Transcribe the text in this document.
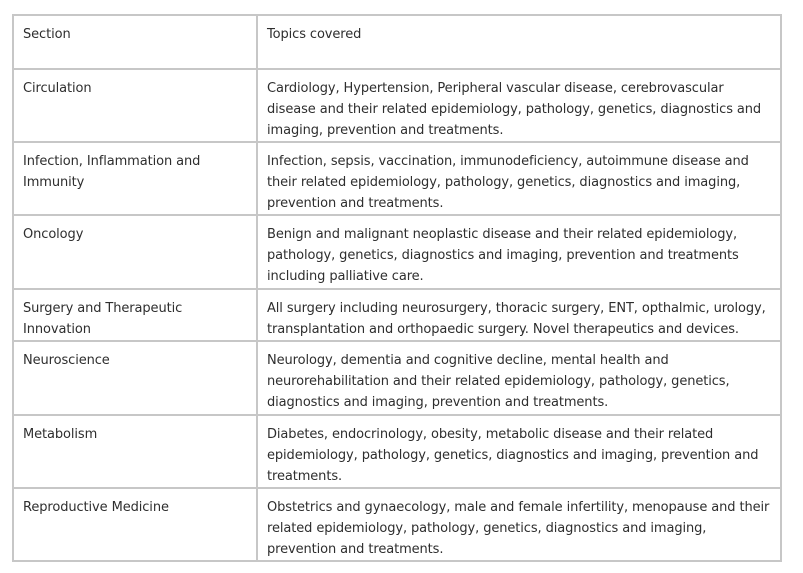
Section	Topics covered
Circulation	Cardiology, Hypertension, Peripheral vascular disease, cerebrovascular disease and their related epidemiology, pathology, genetics, diagnostics and imaging, prevention and treatments.
Infection, Inflammation and Immunity	Infection, sepsis, vaccination, immunodeficiency, autoimmune disease and their related epidemiology, pathology, genetics, diagnostics and imaging, prevention and treatments.
Oncology	Benign and malignant neoplastic disease and their related epidemiology, pathology, genetics, diagnostics and imaging, prevention and treatments including palliative care.
Surgery and Therapeutic Innovation	All surgery including neurosurgery, thoracic surgery, ENT, opthalmic, urology, transplantation and orthopaedic surgery. Novel therapeutics and devices.
Neuroscience	Neurology, dementia and cognitive decline, mental health and neurorehabilitation and their related epidemiology, pathology, genetics, diagnostics and imaging, prevention and treatments.
Metabolism	Diabetes, endocrinology, obesity, metabolic disease and their related epidemiology, pathology, genetics, diagnostics and imaging, prevention and treatments.
Reproductive Medicine	Obstetrics and gynaecology, male and female infertility, menopause and their related epidemiology, pathology, genetics, diagnostics and imaging, prevention and treatments.
